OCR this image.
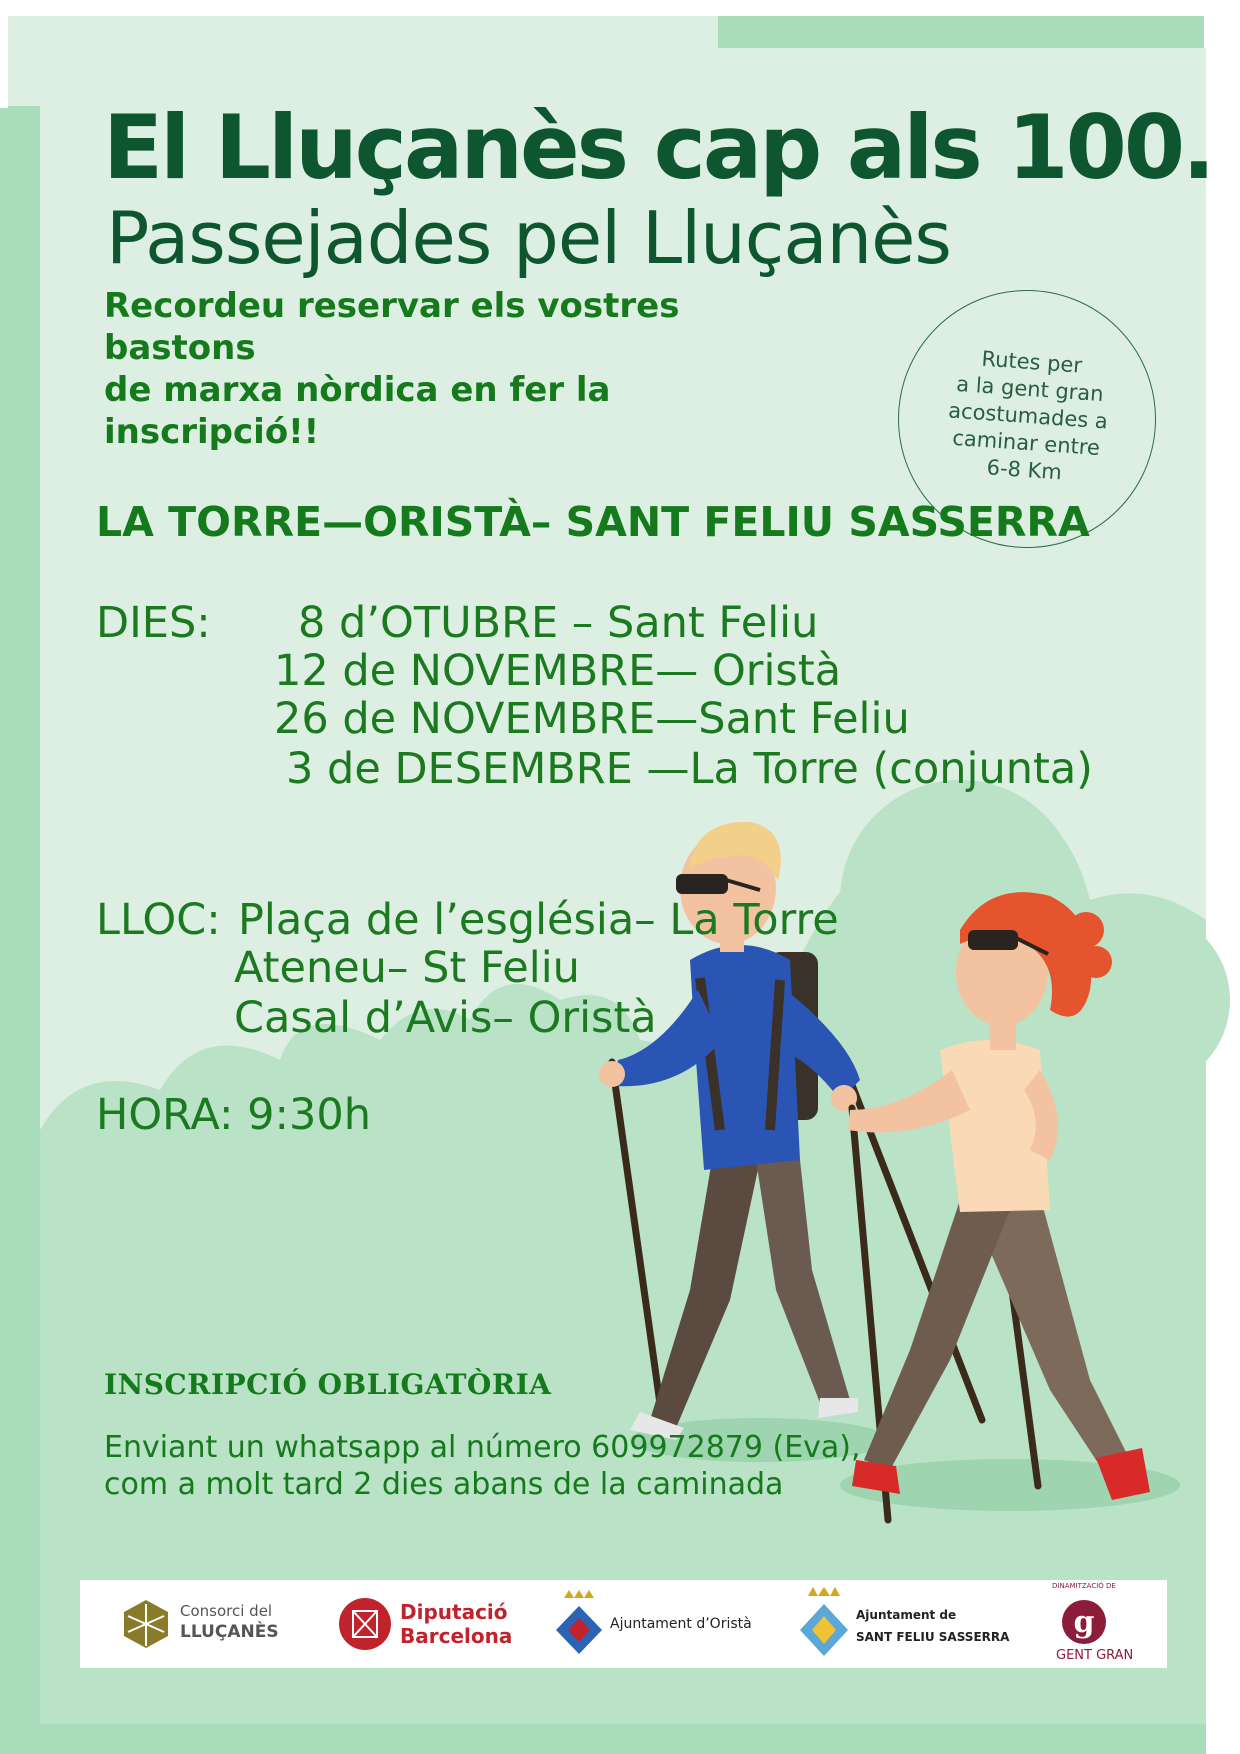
El Lluçanès cap als 100.
Passejades pel Lluçanès
Recordeu reservar els vostres bastons
de marxa nòrdica en fer la inscripció!!
Rutes per
a la gent gran
acostumades a
caminar entre
6-8 Km
LA TORRE—ORISTÀ– SANT FELIU SASSERRA
DIES: 8 d’OTUBRE – Sant Feliu
12 de NOVEMBRE— Oristà
26 de NOVEMBRE—Sant Feliu
3 de DESEMBRE —La Torre (conjunta)
LLOC: Plaça de l’església– La Torre
Ateneu– St Feliu
Casal d’Avis– Oristà
HORA: 9:30h
INSCRIPCIÓ OBLIGATÒRIA
Enviant un whatsapp al número 609972879 (Eva),
com a molt tard 2 dies abans de la caminada
Consorci del
LLUÇANÈS
Diputació
Barcelona	Ajuntament d’Oristà
Ajuntament de
SANT FELIU SASSERRA g
DINAMITZACIÓ DE
GENT GRAN
